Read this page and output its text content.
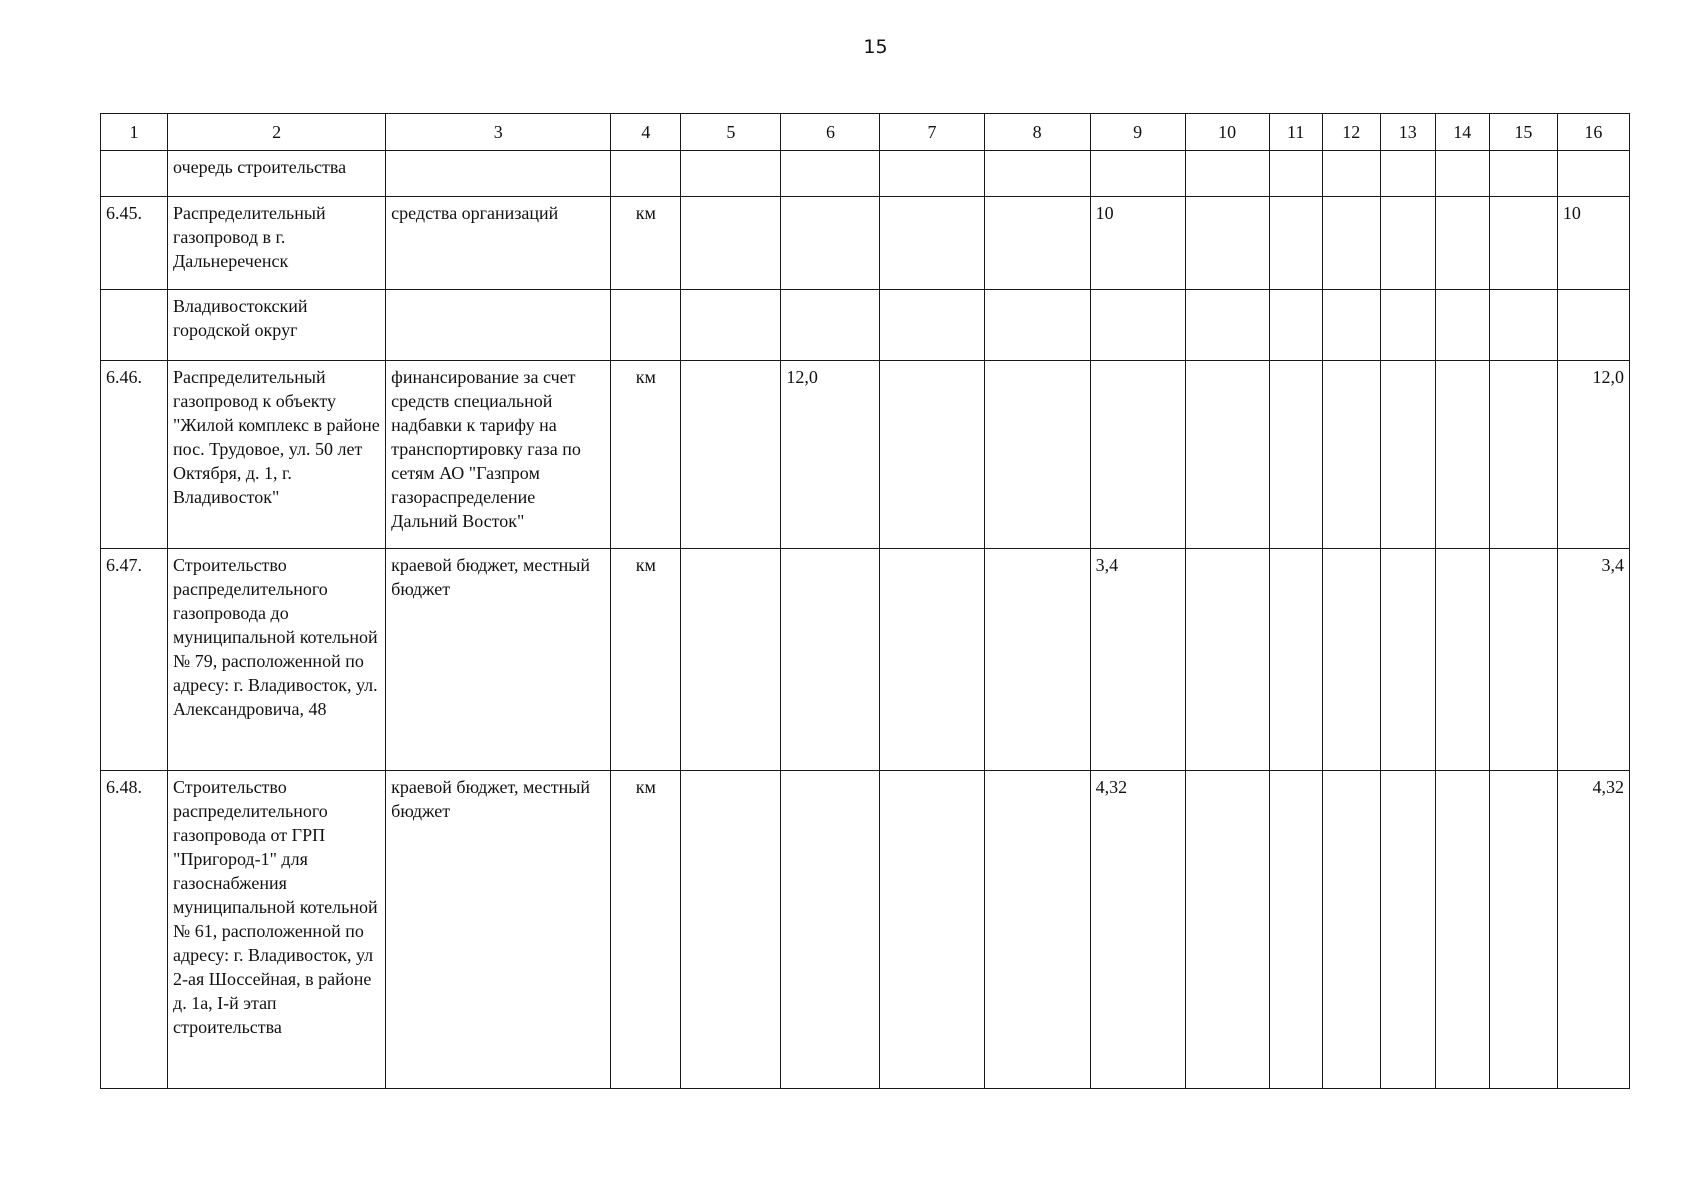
15
1	2	3	4	5	6	7	8	9	10	11	12	13	14	15	16
	очередь строительства														
6.45.	Распределительный газопровод в г. Дальнереченск	средства организаций	км					10							10
	Владивостокский городской округ														
6.46.	Распределительный газопровод к объекту "Жилой комплекс в районе пос. Трудовое, ул. 50 лет Октября, д. 1, г. Владивосток"	финансирование за счет средств специальной надбавки к тарифу на транспортировку газа по сетям АО "Газпром газораспределение Дальний Восток"	км		12,0										12,0
6.47.	Строительство распределительного газопровода до муниципальной котельной № 79, расположенной по адресу: г. Владивосток, ул. Александровича, 48	краевой бюджет, местный бюджет	км					3,4							3,4
6.48.	Строительство распределительного газопровода от ГРП "Пригород-1" для газоснабжения муниципальной котельной № 61, расположенной по адресу: г. Владивосток, ул 2-ая Шоссейная, в районе д. 1а, I-й этап строительства	краевой бюджет, местный бюджет	км					4,32							4,32
